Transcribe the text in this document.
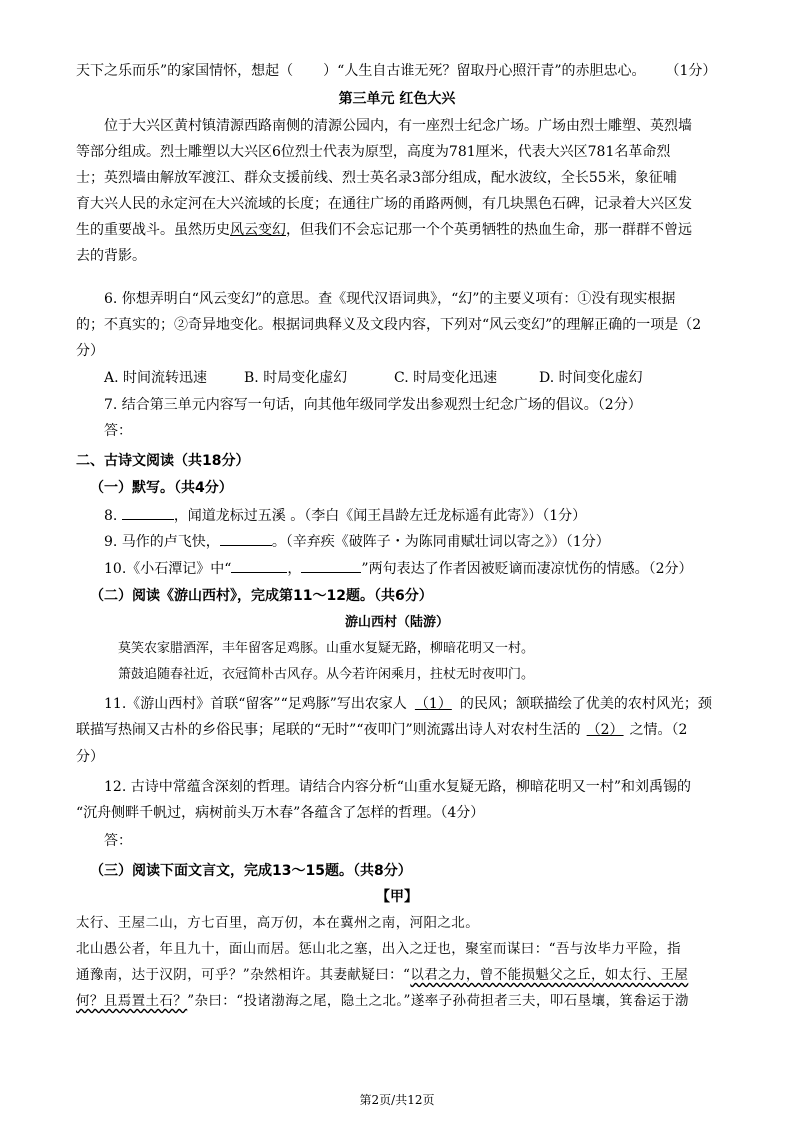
天下之乐而乐”的家国情怀，想起（ ）“人生自古谁无死？留取丹心照汗青”的赤胆忠心。 （1分）
第三单元 红色大兴
位于大兴区黄村镇清源西路南侧的清源公园内，有一座烈士纪念广场。广场由烈士雕塑、英烈墙
等部分组成。烈士雕塑以大兴区6位烈士代表为原型，高度为781厘米，代表大兴区781名革命烈
士；英烈墙由解放军渡江、群众支援前线、烈士英名录3部分组成，配水波纹，全长55米，象征哺
育大兴人民的永定河在大兴流域的长度；在通往广场的甬路两侧，有几块黑色石碑，记录着大兴区发
生的重要战斗。虽然历史风云变幻，但我们不会忘记那一个个英勇牺牲的热血生命，那一群群不曾远
去的背影。
6. 你想弄明白“风云变幻”的意思。查《现代汉语词典》，“幻”的主要义项有：①没有现实根据
的；不真实的；②奇异地变化。根据词典释义及文段内容，下列对“风云变幻”的理解正确的一项是（2
分）
A. 时间流转迅速	B. 时局变化虚幻	C. 时局变化迅速	D. 时间变化虚幻
7. 结合第三单元内容写一句话，向其他年级同学发出参观烈士纪念广场的倡议。（2分）
答：
二、古诗文阅读（共18分）
（一）默写。（共4分）
8.	，闻道龙标过五溪 。（李白《闻王昌龄左迁龙标遥有此寄》）（1分）
9. 马作的卢飞快，	。（辛弃疾《破阵子・为陈同甫赋壮词以寄之》）（1分）
10.《小石潭记》中“	，	”两句表达了作者因被贬谪而凄凉忧伤的情感。（2分）
（二）阅读《游山西村》，完成第11～12题。（共6分）
游山西村（陆游）
莫笑农家腊酒浑，丰年留客足鸡豚。山重水复疑无路，柳暗花明又一村。
箫鼓追随春社近，衣冠简朴古风存。从今若许闲乘月，拄杖无时夜叩门。
11.《游山西村》首联“留客”“足鸡豚”写出农家人 （1） 的民风；颔联描绘了优美的农村风光；颈
联描写热闹又古朴的乡俗民事；尾联的“无时”“夜叩门”则流露出诗人对农村生活的 （2） 之情。（2
分）
12. 古诗中常蕴含深刻的哲理。请结合内容分析“山重水复疑无路，柳暗花明又一村”和刘禹锡的
“沉舟侧畔千帆过，病树前头万木春”各蕴含了怎样的哲理。（4分）
答：
（三）阅读下面文言文，完成13～15题。（共8分）
【甲】
太行、王屋二山，方七百里，高万仞，本在冀州之南，河阳之北。
北山愚公者，年且九十，面山而居。惩山北之塞，出入之迂也，聚室而谋曰：“吾与汝毕力平险，指
通豫南，达于汉阴，可乎？”杂然相许。其妻献疑曰：“以君之力，曾不能损魁父之丘，如太行、王屋
何？且焉置土石？”杂曰：“投诸渤海之尾，隐土之北。”遂率子孙荷担者三夫，叩石垦壤，箕畚运于渤
第2页/共12页
